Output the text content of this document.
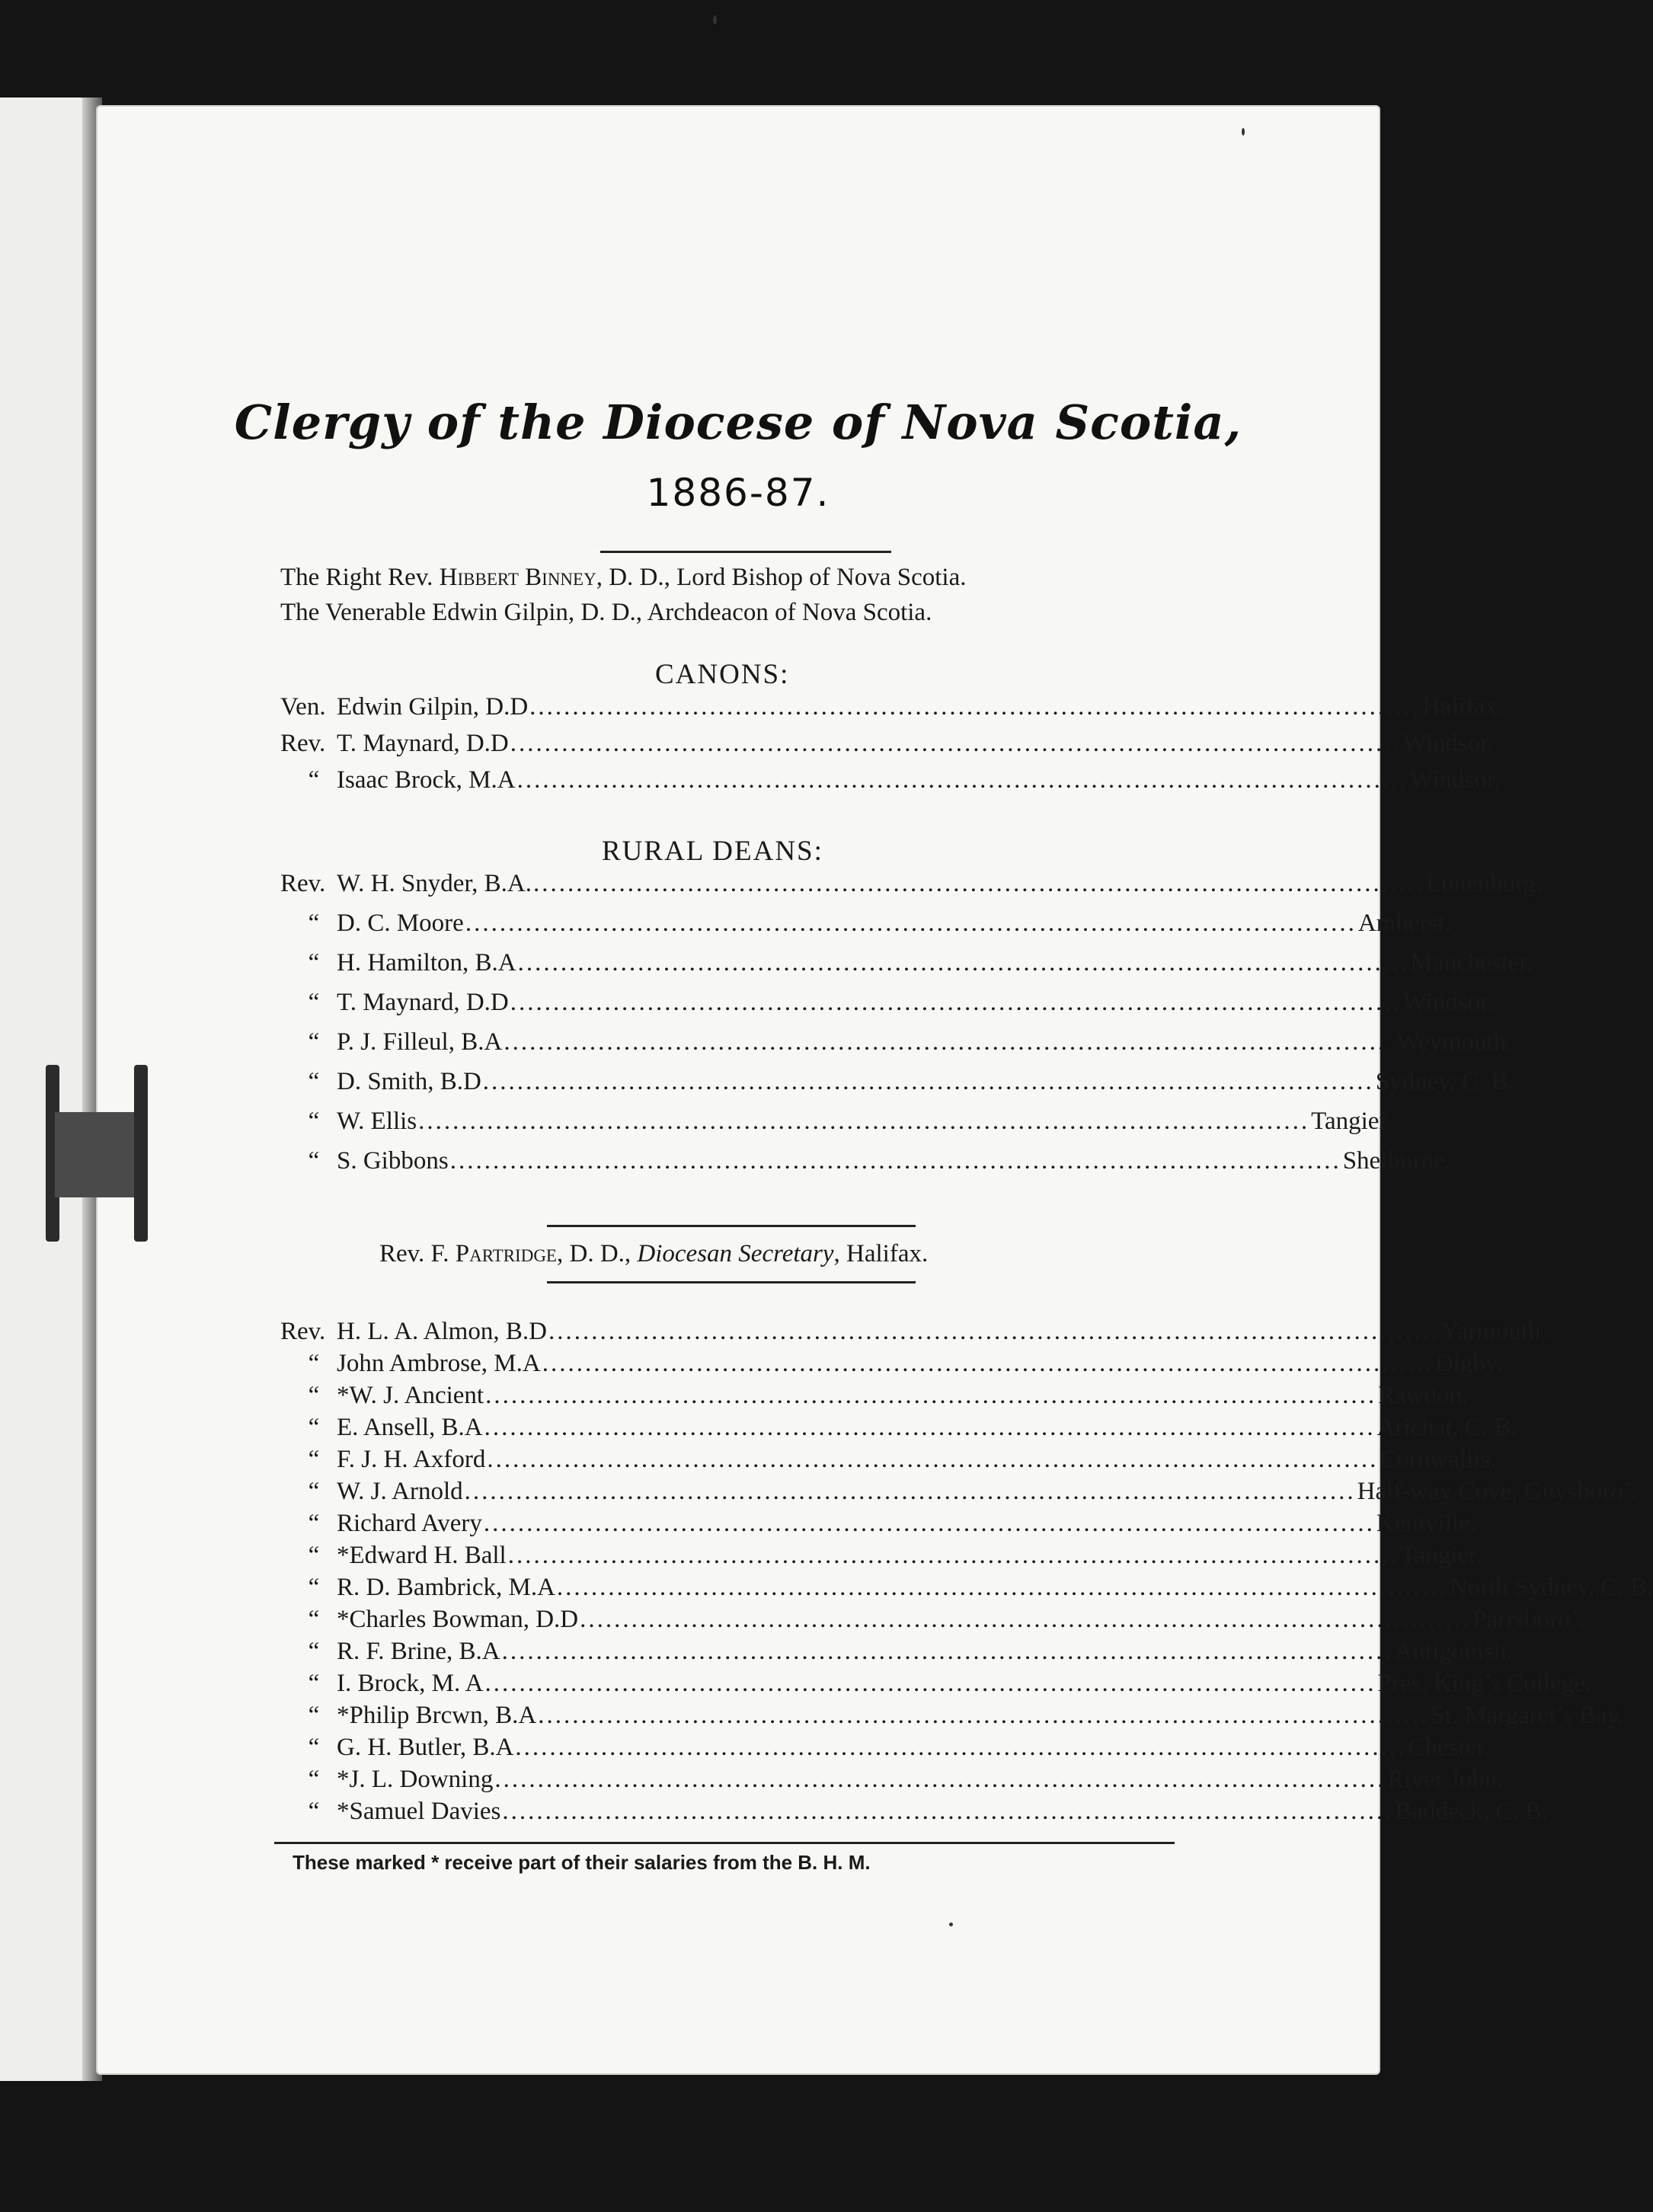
Clergy of the Diocese of Nova Scotia,
1886-87.
The Right Rev. Hibbert Binney, D. D., Lord Bishop of Nova Scotia.
The Venerable Edwin Gilpin, D. D., Archdeacon of Nova Scotia.
CANONS:
Ven. Edwin Gilpin, D.D .....	Halifax.
Rev. T. Maynard, D.D .....	Windsor.
“ Isaac Brock, M.A .....	Windsor.
RURAL DEANS:
Rev. W. H. Snyder, B.A. .....	Lunenburg.
“ D. C. Moore .....	Amherst.
“ H. Hamilton, B.A .....	Manchester.
“ T. Maynard, D.D .....	Windsor.
“ P. J. Filleul, B.A .....	Weymouth.
“ D. Smith, B.D .....	Sydney, C. B.
“ W. Ellis .....	Tangier.
“ S. Gibbons .....	Shelburne.
Rev. F. Partridge, D. D., Diocesan Secretary, Halifax.
Rev. H. L. A. Almon, B.D .....	Yarmouth.
“ John Ambrose, M.A .....	Digby.
“ *W. J. Ancient .....	Rawdon.
“ E. Ansell, B.A .....	Arichat, C. B.
“ F. J. H. Axford .....	Cornwallis.
“ W. J. Arnold .....	Half-way Cove, Guysboro’.
“ Richard Avery .....	Kentville.
“ *Edward H. Ball .....	Tangier.
“ R. D. Bambrick, M.A .....	North Sydney, C. B.
“ *Charles Bowman, D.D .....	Parrsboro’.
“ R. F. Brine, B.A .....	Antigonish.
“ I. Brock, M. A .....	Pres. King’s College.
“ *Philip Brcwn, B.A .....	St. Margaret’s Bay.
“ G. H. Butler, B.A .....	Chester.
“ *J. L. Downing .....	River John.
“ *Samuel Davies .....	Baddeck, C. B.
These marked * receive part of their salaries from the B. H. M.
